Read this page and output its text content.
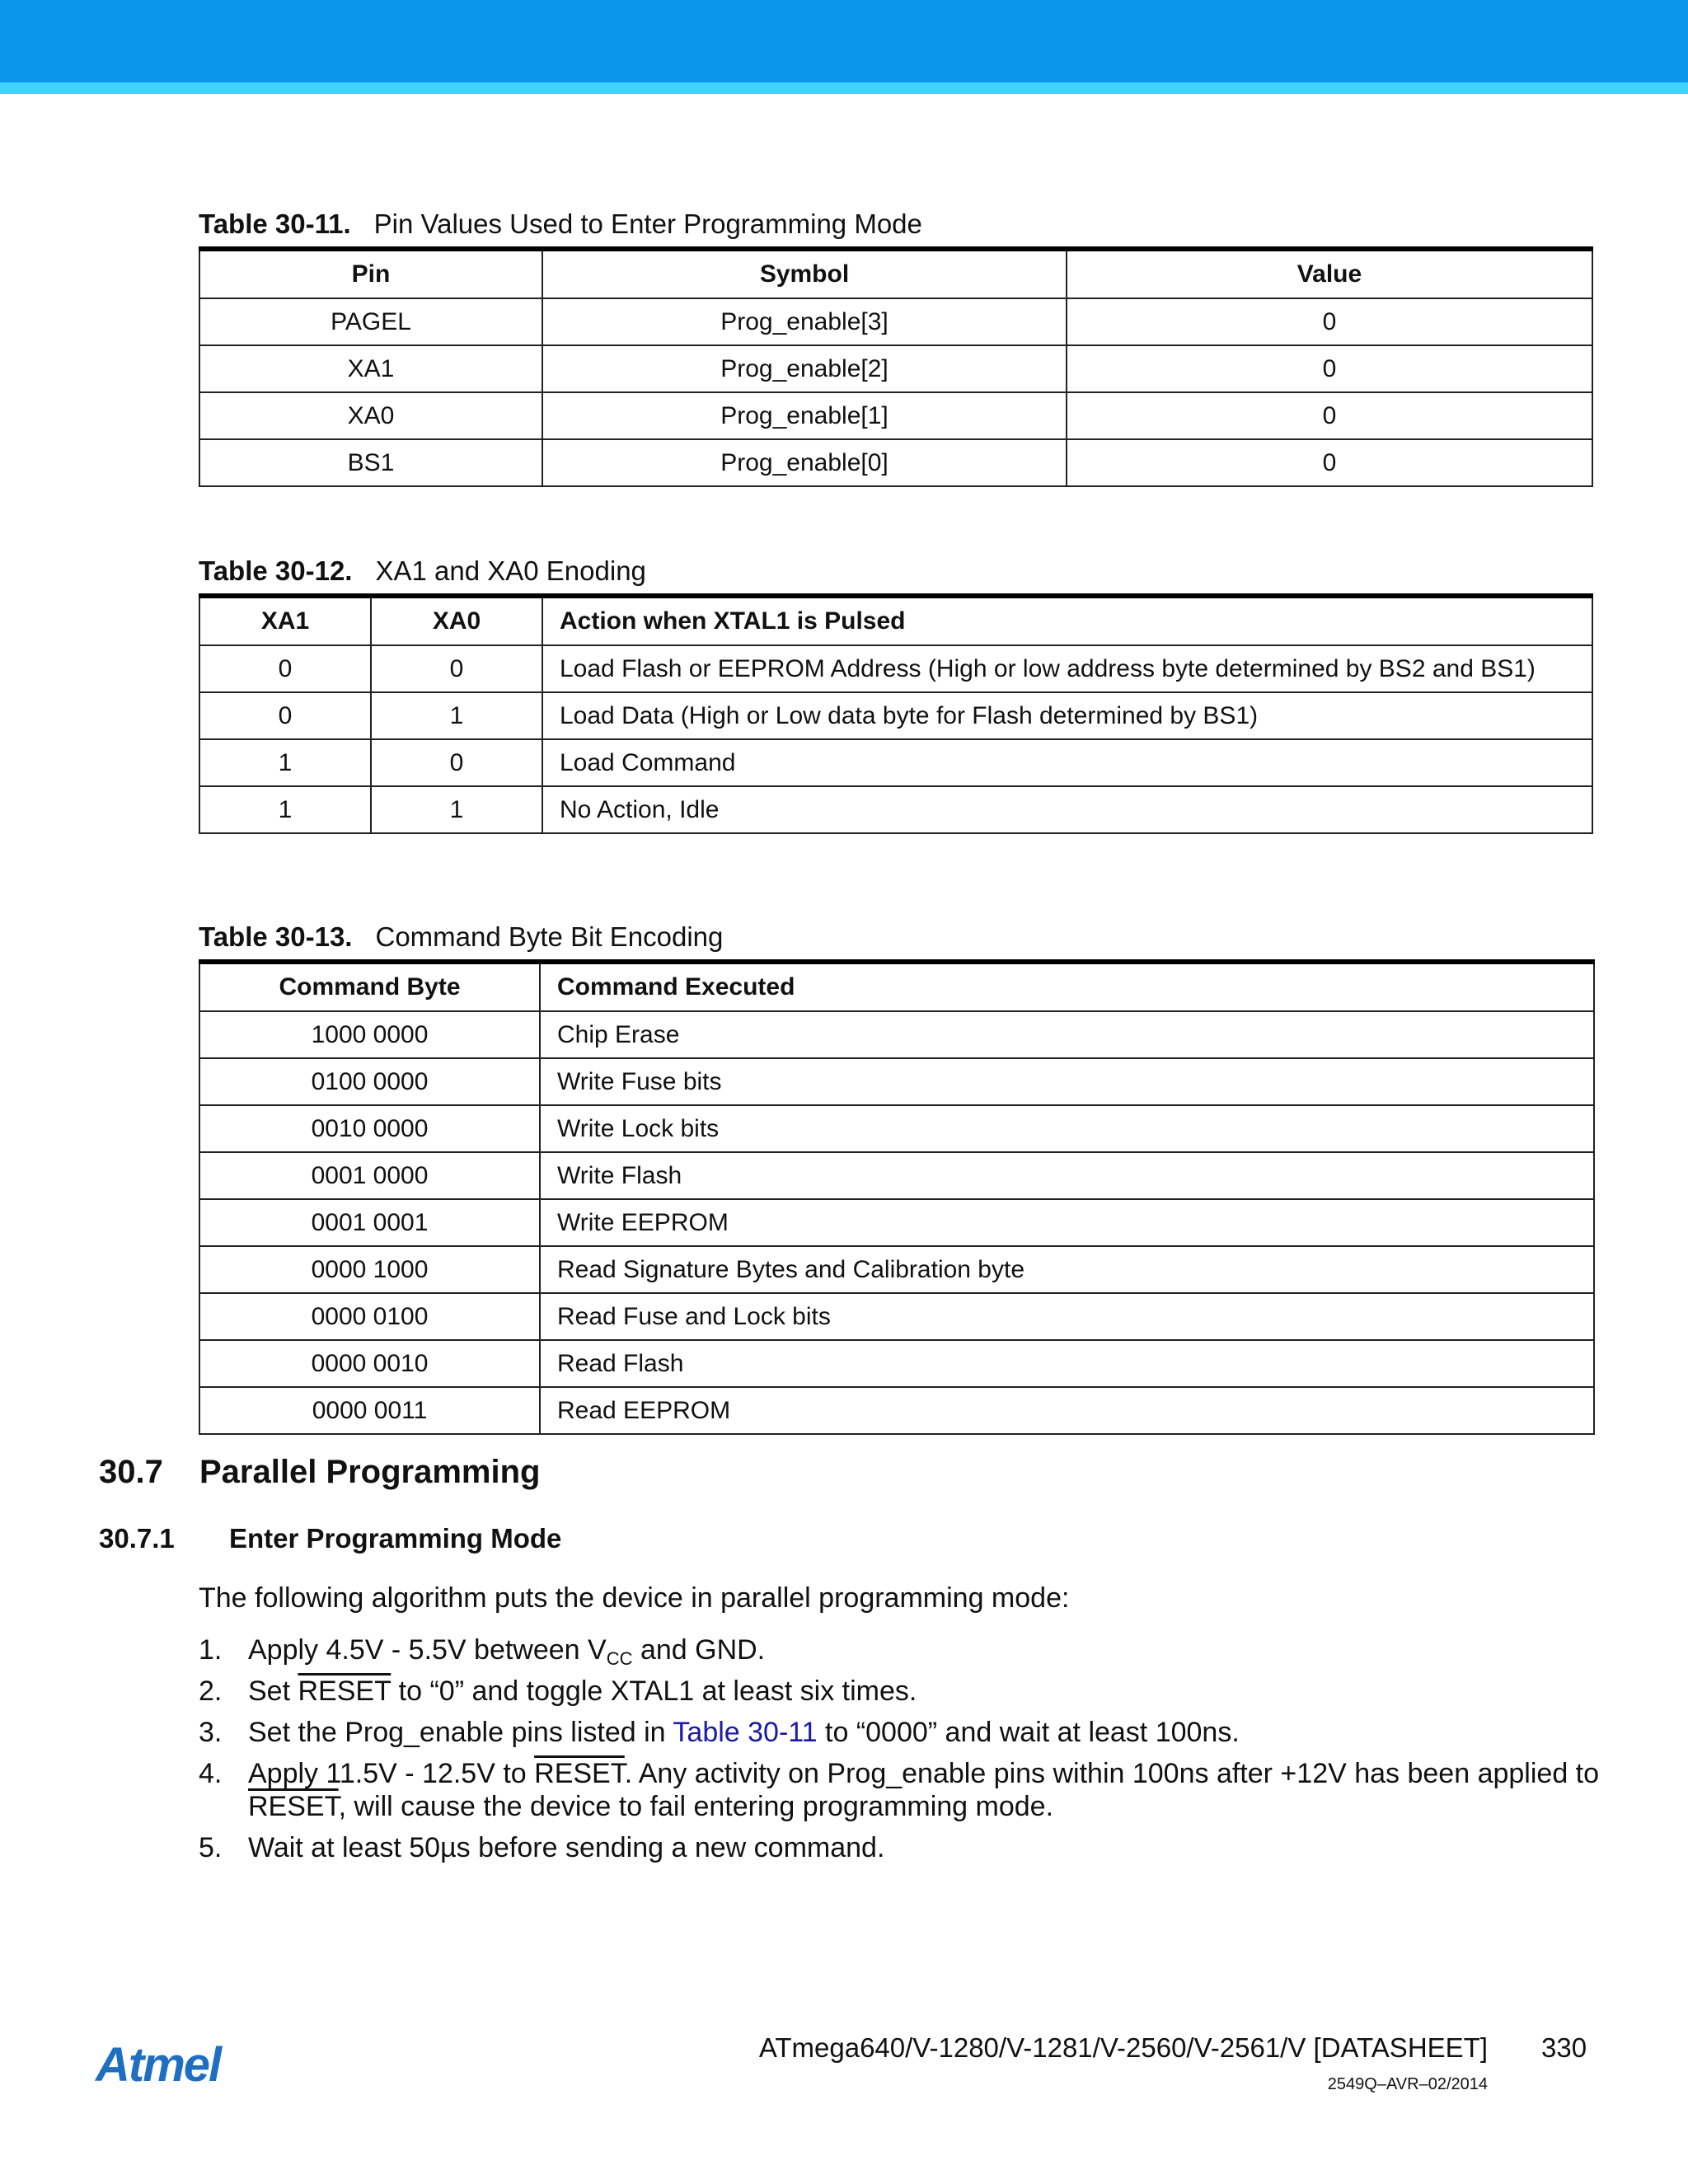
Table 30-11. Pin Values Used to Enter Programming Mode
Pin	Symbol	Value
PAGEL	Prog_enable[3]	0
XA1	Prog_enable[2]	0
XA0	Prog_enable[1]	0
BS1	Prog_enable[0]	0
Table 30-12. XA1 and XA0 Enoding
XA1	XA0	Action when XTAL1 is Pulsed
0	0	Load Flash or EEPROM Address (High or low address byte determined by BS2 and BS1)
0	1	Load Data (High or Low data byte for Flash determined by BS1)
1	0	Load Command
1	1	No Action, Idle
Table 30-13. Command Byte Bit Encoding
Command Byte	Command Executed
1000 0000	Chip Erase
0100 0000	Write Fuse bits
0010 0000	Write Lock bits
0001 0000	Write Flash
0001 0001	Write EEPROM
0000 1000	Read Signature Bytes and Calibration byte
0000 0100	Read Fuse and Lock bits
0000 0010	Read Flash
0000 0011	Read EEPROM
30.7 Parallel Programming
30.7.1 Enter Programming Mode
The following algorithm puts the device in parallel programming mode:
1. Apply 4.5V - 5.5V between $V_{CC}$ and GND.
2. Set RESET to “0” and toggle XTAL1 at least six times.
3. Set the Prog_enable pins listed in Table 30-11 to “0000” and wait at least 100ns.
4. Apply 11.5V - 12.5V to RESET. Any activity on Prog_enable pins within 100ns after +12V has been applied to RESET, will cause the device to fail entering programming mode.
5. Wait at least 50µs before sending a new command.
Atmel	ATmega640/V-1280/V-1281/V-2560/V-2561/V [DATASHEET] 330
2549Q–AVR–02/2014
